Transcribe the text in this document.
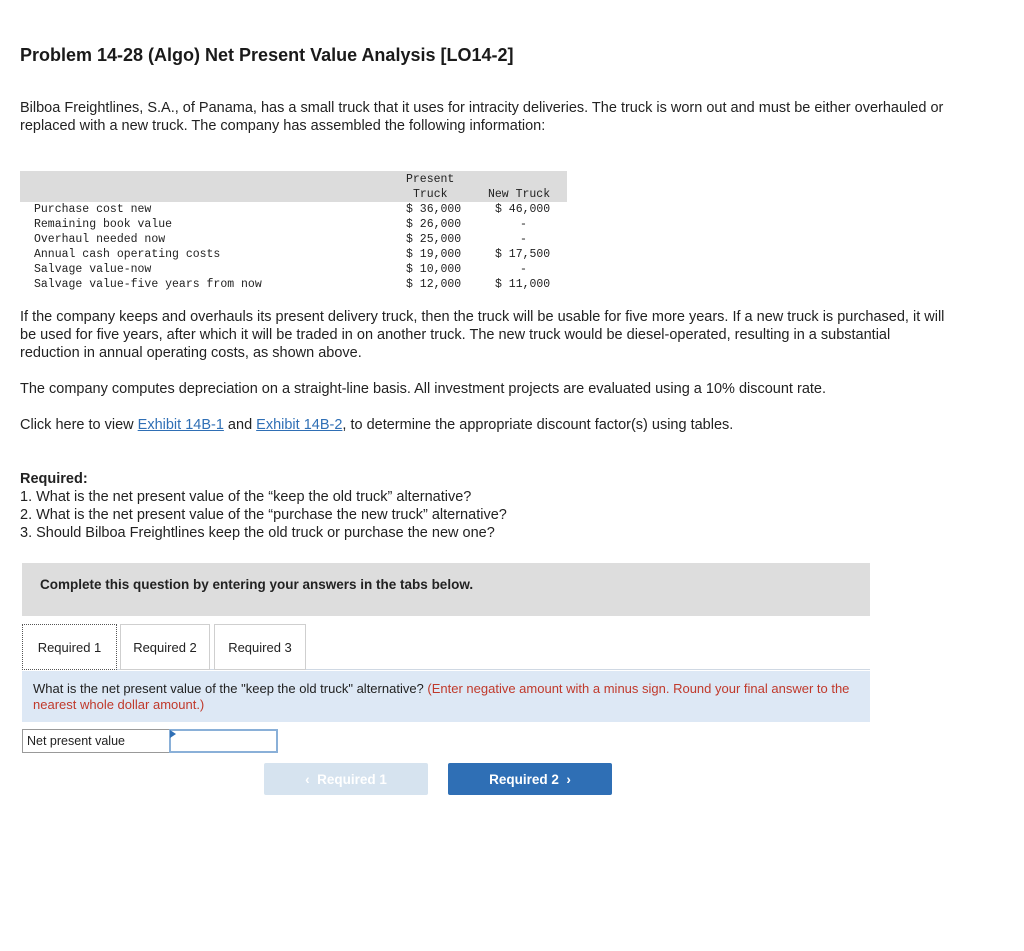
Problem 14-28 (Algo) Net Present Value Analysis [LO14-2]
Bilboa Freightlines, S.A., of Panama, has a small truck that it uses for intracity deliveries. The truck is worn out and must be either overhauled or replaced with a new truck. The company has assembled the following information:
Present
Truck	New Truck
Purchase cost new	$ 36,000	$ 46,000
Remaining book value	$ 26,000	-
Overhaul needed now	$ 25,000	-
Annual cash operating costs	$ 19,000	$ 17,500
Salvage value-now	$ 10,000	-
Salvage value-five years from now	$ 12,000	$ 11,000
If the company keeps and overhauls its present delivery truck, then the truck will be usable for five more years. If a new truck is purchased, it will be used for five years, after which it will be traded in on another truck. The new truck would be diesel-operated, resulting in a substantial reduction in annual operating costs, as shown above.
The company computes depreciation on a straight-line basis. All investment projects are evaluated using a 10% discount rate.
Click here to view Exhibit 14B-1 and Exhibit 14B-2, to determine the appropriate discount factor(s) using tables.
Required:
1. What is the net present value of the “keep the old truck” alternative?
2. What is the net present value of the “purchase the new truck” alternative?
3. Should Bilboa Freightlines keep the old truck or purchase the new one?
Complete this question by entering your answers in the tabs below.
Required 1	Required 2	Required 3
What is the net present value of the "keep the old truck" alternative? (Enter negative amount with a minus sign. Round your final answer to the nearest whole dollar amount.)
Net present value
‹ Required 1	Required 2 ›
